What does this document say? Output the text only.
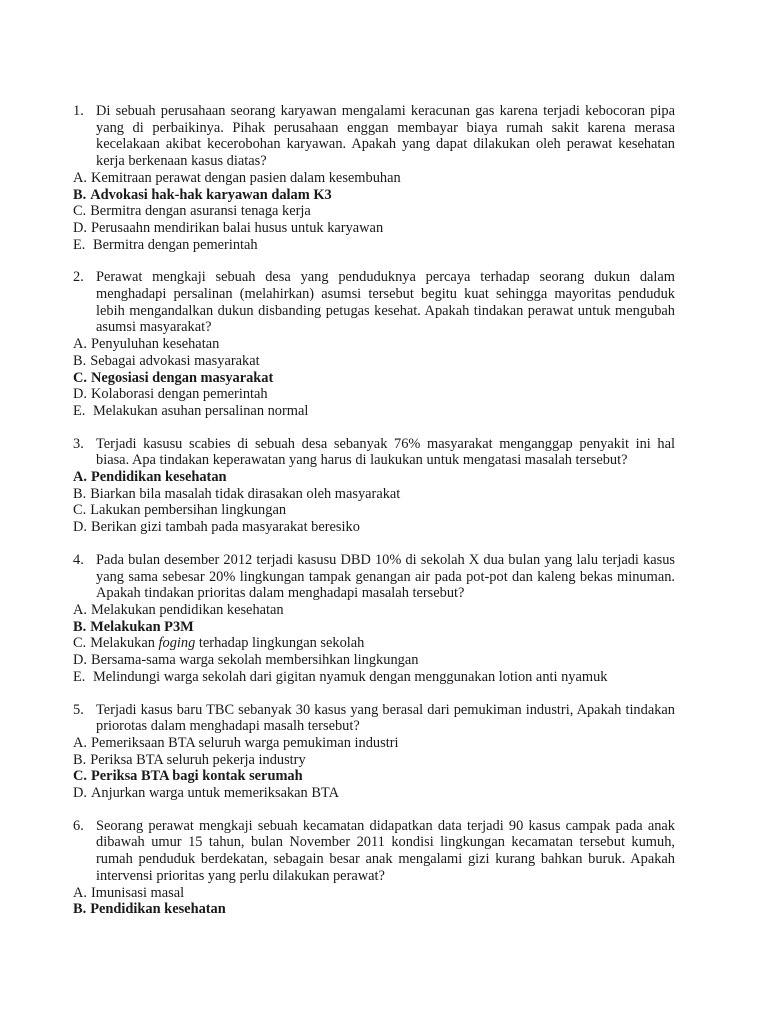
1. Di sebuah perusahaan seorang karyawan mengalami keracunan gas karena terjadi kebocoran pipa yang di perbaikinya. Pihak perusahaan enggan membayar biaya rumah sakit karena merasa kecelakaan akibat kecerobohan karyawan. Apakah yang dapat dilakukan oleh perawat kesehatan kerja berkenaan kasus diatas?
A. Kemitraan perawat dengan pasien dalam kesembuhan
B. Advokasi hak-hak karyawan dalam K3
C. Bermitra dengan asuransi tenaga kerja
D. Perusaahn mendirikan balai husus untuk karyawan
E. Bermitra dengan pemerintah
2. Perawat mengkaji sebuah desa yang penduduknya percaya terhadap seorang dukun dalam menghadapi persalinan (melahirkan) asumsi tersebut begitu kuat sehingga mayoritas penduduk lebih mengandalkan dukun disbanding petugas kesehat. Apakah tindakan perawat untuk mengubah asumsi masyarakat?
A. Penyuluhan kesehatan
B. Sebagai advokasi masyarakat
C. Negosiasi dengan masyarakat
D. Kolaborasi dengan pemerintah
E. Melakukan asuhan persalinan normal
3. Terjadi kasusu scabies di sebuah desa sebanyak 76% masyarakat menganggap penyakit ini hal biasa. Apa tindakan keperawatan yang harus di laukukan untuk mengatasi masalah tersebut?
A. Pendidikan kesehatan
B. Biarkan bila masalah tidak dirasakan oleh masyarakat
C. Lakukan pembersihan lingkungan
D. Berikan gizi tambah pada masyarakat beresiko
4. Pada bulan desember 2012 terjadi kasusu DBD 10% di sekolah X dua bulan yang lalu terjadi kasus yang sama sebesar 20% lingkungan tampak genangan air pada pot-pot dan kaleng bekas minuman. Apakah tindakan prioritas dalam menghadapi masalah tersebut?
A. Melakukan pendidikan kesehatan
B. Melakukan P3M
C. Melakukan foging terhadap lingkungan sekolah
D. Bersama-sama warga sekolah membersihkan lingkungan
E. Melindungi warga sekolah dari gigitan nyamuk dengan menggunakan lotion anti nyamuk
5. Terjadi kasus baru TBC sebanyak 30 kasus yang berasal dari pemukiman industri, Apakah tindakan priorotas dalam menghadapi masalh tersebut?
A. Pemeriksaan BTA seluruh warga pemukiman industri
B. Periksa BTA seluruh pekerja industry
C. Periksa BTA bagi kontak serumah
D. Anjurkan warga untuk memeriksakan BTA
6. Seorang perawat mengkaji sebuah kecamatan didapatkan data terjadi 90 kasus campak pada anak dibawah umur 15 tahun, bulan November 2011 kondisi lingkungan kecamatan tersebut kumuh, rumah penduduk berdekatan, sebagain besar anak mengalami gizi kurang bahkan buruk. Apakah intervensi prioritas yang perlu dilakukan perawat?
A. Imunisasi masal
B. Pendidikan kesehatan
